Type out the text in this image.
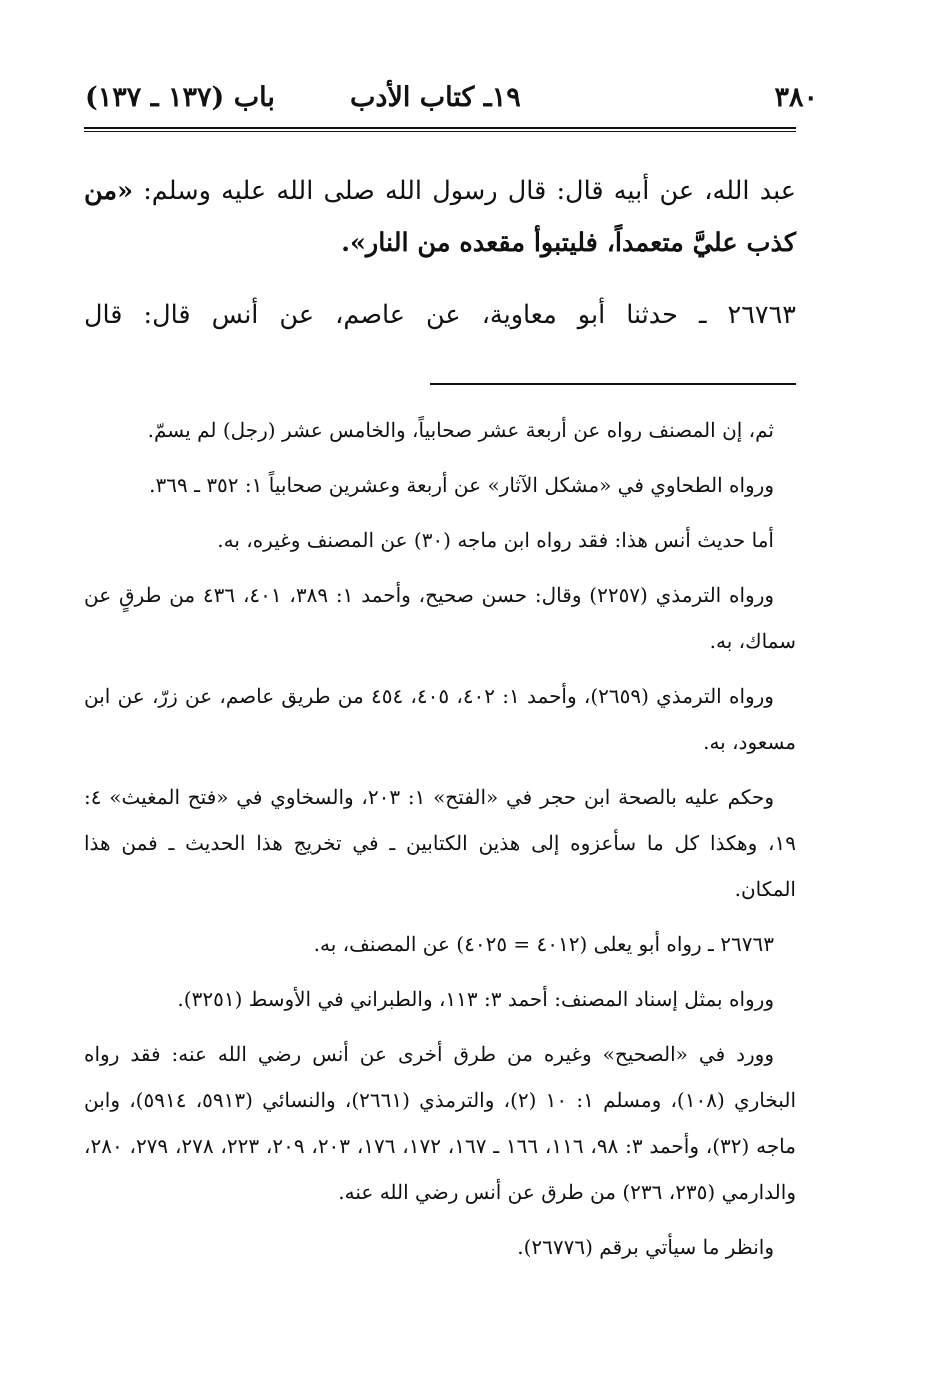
٣٨٠
١٩ـ كتاب الأدب
باب (١٣٧ ـ ١٣٧)

عبد الله، عن أبيه قال: قال رسول الله صلى الله عليه وسلم: «من كذب عليَّ متعمداً، فليتبوأ مقعده من النار».

٢٦٧٦٣ ـ حدثنا أبو معاوية، عن عاصم، عن أنس قال: قال

ثم، إن المصنف رواه عن أربعة عشر صحابياً، والخامس عشر (رجل) لم يسمّ.

ورواه الطحاوي في «مشكل الآثار» عن أربعة وعشرين صحابياً ١: ٣٥٢ ـ ٣٦٩.

أما حديث أنس هذا: فقد رواه ابن ماجه (٣٠) عن المصنف وغيره، به.

ورواه الترمذي (٢٢٥٧) وقال: حسن صحيح، وأحمد ١: ٣٨٩، ٤٠١، ٤٣٦ من طرقٍ عن سماك، به.

ورواه الترمذي (٢٦٥٩)، وأحمد ١: ٤٠٢، ٤٠٥، ٤٥٤ من طريق عاصم، عن زرّ، عن ابن مسعود، به.

وحكم عليه بالصحة ابن حجر في «الفتح» ١: ٢٠٣، والسخاوي في «فتح المغيث» ٤: ١٩، وهكذا كل ما سأعزوه إلى هذين الكتابين ـ في تخريج هذا الحديث ـ فمن هذا المكان.

٢٦٧٦٣ ـ رواه أبو يعلى (٤٠١٢ = ٤٠٢٥) عن المصنف، به.

ورواه بمثل إسناد المصنف: أحمد ٣: ١١٣، والطبراني في الأوسط (٣٢٥١).

وورد في «الصحيح» وغيره من طرق أخرى عن أنس رضي الله عنه: فقد رواه البخاري (١٠٨)، ومسلم ١: ١٠ (٢)، والترمذي (٢٦٦١)، والنسائي (٥٩١٣، ٥٩١٤)، وابن ماجه (٣٢)، وأحمد ٣: ٩٨، ١١٦، ١٦٦ ـ ١٦٧، ١٧٢، ١٧٦، ٢٠٣، ٢٠٩، ٢٢٣، ٢٧٨، ٢٧٩، ٢٨٠، والدارمي (٢٣٥، ٢٣٦) من طرق عن أنس رضي الله عنه.

وانظر ما سيأتي برقم (٢٦٧٧٦).
